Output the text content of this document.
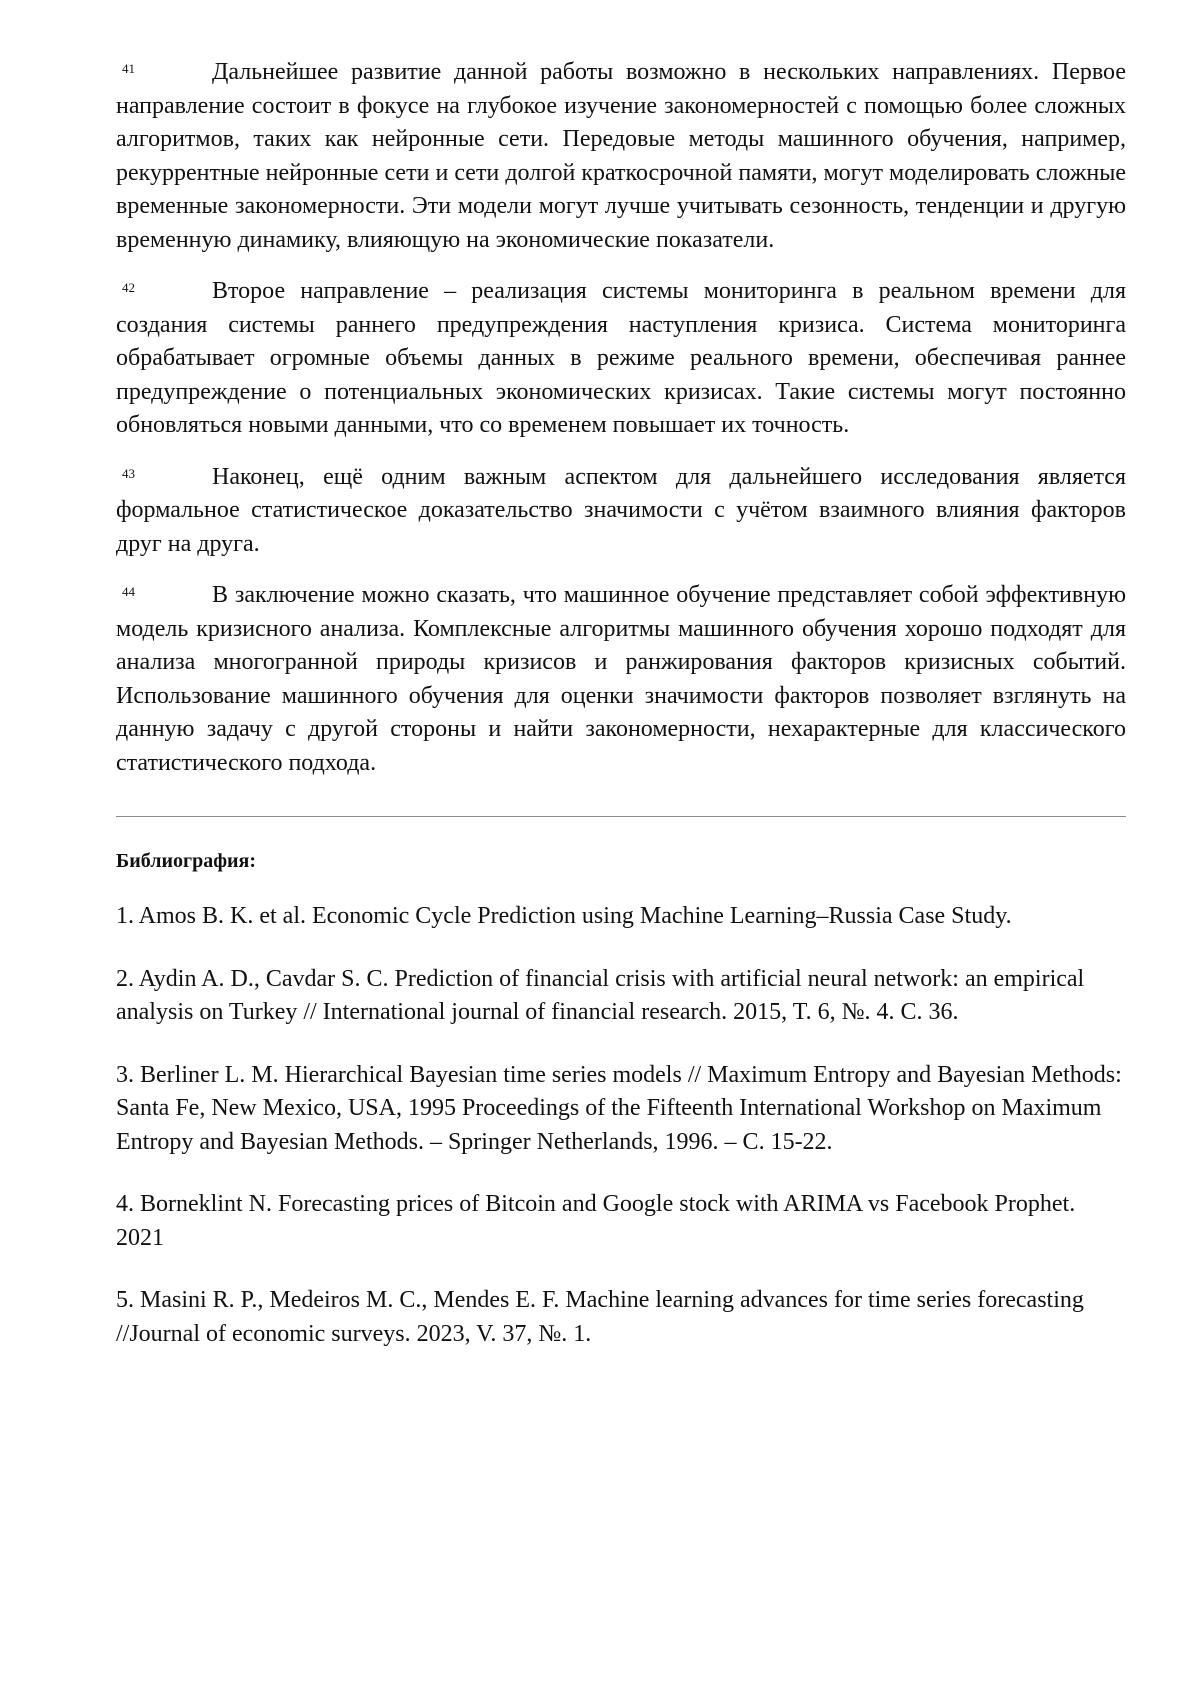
41	Дальнейшее развитие данной работы возможно в нескольких направлениях. Первое направление состоит в фокусе на глубокое изучение закономерностей с помощью более сложных алгоритмов, таких как нейронные сети. Передовые методы машинного обучения, например, рекуррентные нейронные сети и сети долгой краткосрочной памяти, могут моделировать сложные временные закономерности. Эти модели могут лучше учитывать сезонность, тенденции и другую временную динамику, влияющую на экономические показатели.

42	Второе направление – реализация системы мониторинга в реальном времени для создания системы раннего предупреждения наступления кризиса. Система мониторинга обрабатывает огромные объемы данных в режиме реального времени, обеспечивая раннее предупреждение о потенциальных экономических кризисах. Такие системы могут постоянно обновляться новыми данными, что со временем повышает их точность.

43	Наконец, ещё одним важным аспектом для дальнейшего исследования является формальное статистическое доказательство значимости с учётом взаимного влияния факторов друг на друга.

44	В заключение можно сказать, что машинное обучение представляет собой эффективную модель кризисного анализа. Комплексные алгоритмы машинного обучения хорошо подходят для анализа многогранной природы кризисов и ранжирования факторов кризисных событий. Использование машинного обучения для оценки значимости факторов позволяет взглянуть на данную задачу с другой стороны и найти закономерности, нехарактерные для классического статистического подхода.

Библиография:

1. Amos B. K. et al. Economic Cycle Prediction using Machine Learning–Russia Case Study.

2. Aydin A. D., Cavdar S. C. Prediction of financial crisis with artificial neural network: an empirical analysis on Turkey // International journal of financial research. 2015, T. 6, №. 4. C. 36.

3. Berliner L. M. Hierarchical Bayesian time series models // Maximum Entropy and Bayesian Methods: Santa Fe, New Mexico, USA, 1995 Proceedings of the Fifteenth International Workshop on Maximum Entropy and Bayesian Methods. – Springer Netherlands, 1996. – C. 15-22.

4. Borneklint N. Forecasting prices of Bitcoin and Google stock with ARIMA vs Facebook Prophet. 2021

5. Masini R. P., Medeiros M. C., Mendes E. F. Machine learning advances for time series forecasting //Journal of economic surveys. 2023, V. 37, №. 1.
